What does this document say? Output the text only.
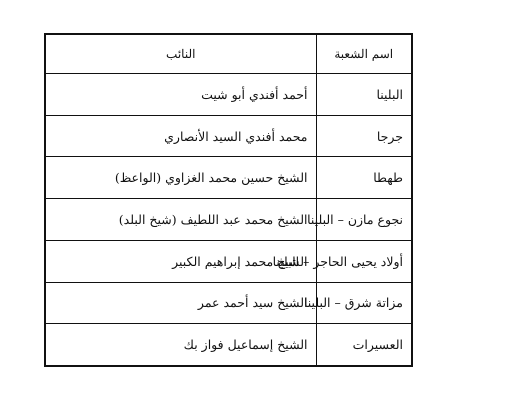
اسم الشعبة	النائب
البلينا	أحمد أفندي أبو شيت
جرجا	محمد أفندي السيد الأنصاري
طهطا	الشيخ حسين محمد الغزاوي (الواعظ)
نجوع مازن – البلينا	الشيخ محمد عبد اللطيف (شيخ البلد)
أولاد يحيى الحاجر – البلينا	الشيخ محمد إبراهيم الكبير
مزاتة شرق – البلينا	الشيخ سيد أحمد عمر
العسيرات	الشيخ إسماعيل فواز بك
